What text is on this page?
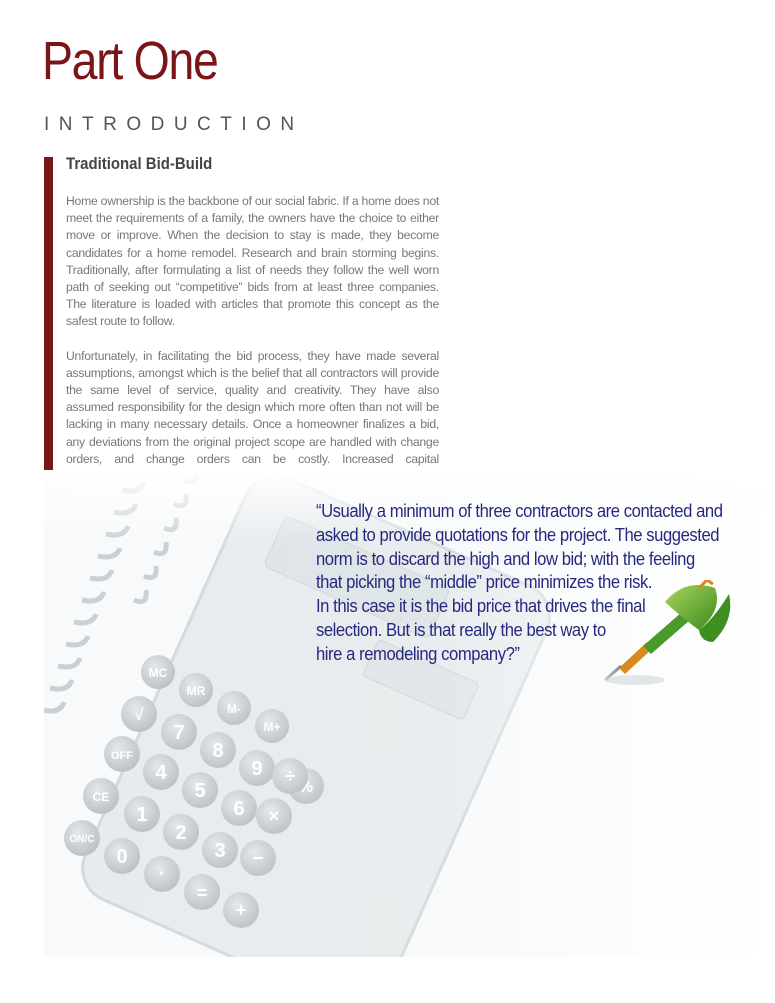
Part One
INTRODUCTION
Traditional Bid-Build

Home ownership is the backbone of our social fabric. If a home does not meet the requirements of a family, the owners have the choice to either move or improve. When the decision to stay is made, they become candidates for a home remodel. Research and brain storming begins. Traditionally, after formulating a list of needs they follow the well worn path of seeking out “competitive” bids from at least three companies. The literature is loaded with articles that promote this concept as the safest route to follow.

Unfortunately, in facilitating the bid process, they have made several assumptions, amongst which is the belief that all contractors will provide the same level of service, quality and creativity. They have also assumed responsibility for the design which more often than not will be lacking in many necessary details. Once a homeowner finalizes a bid, any deviations from the original project scope are handled with change orders, and change orders can be costly. Increased capital

“Usually a minimum of three contractors are contacted and
asked to provide quotations for the project. The suggested
norm is to discard the high and low bid; with the feeling
that picking the “middle” price minimizes the risk.
In this case it is the bid price that drives the final
selection. But is that really the best way to
hire a remodeling company?”
